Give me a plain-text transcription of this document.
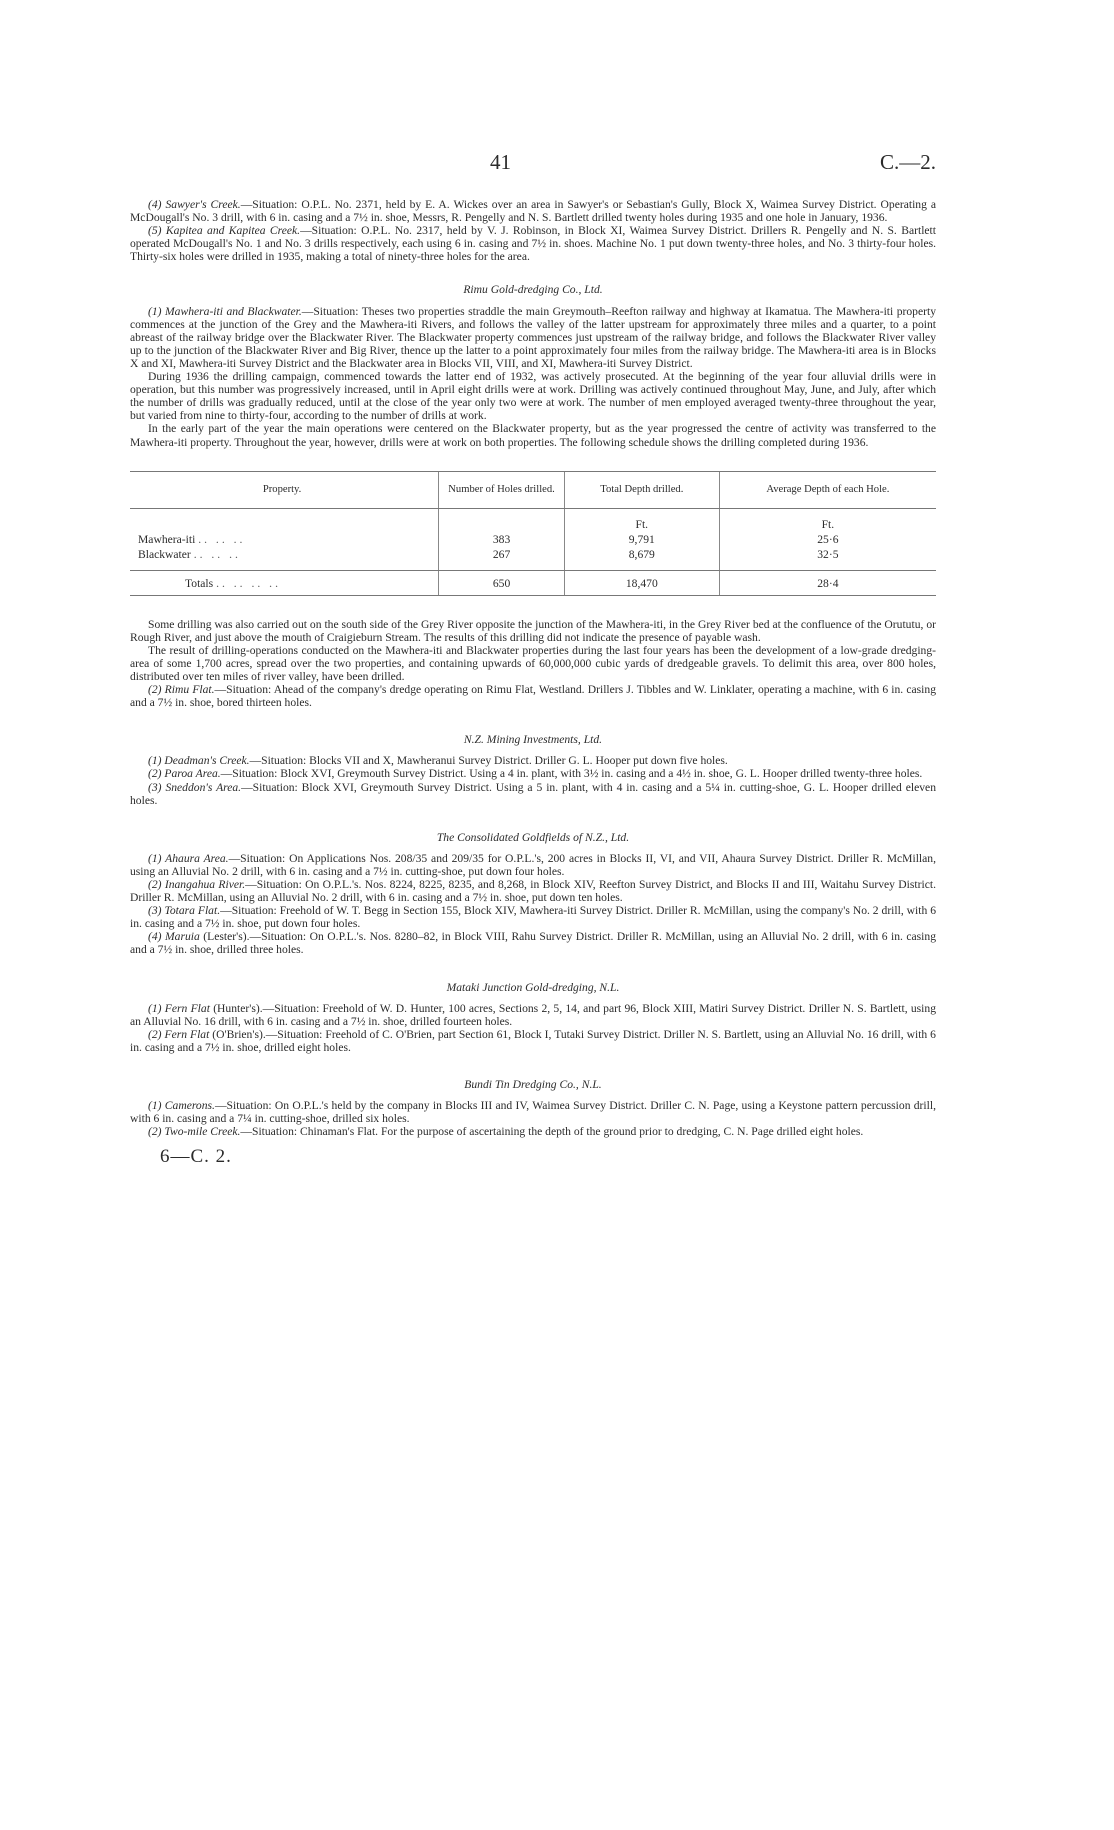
41	C.—2.

(4) Sawyer's Creek.—Situation: O.P.L. No. 2371, held by E. A. Wickes over an area in Sawyer's or Sebastian's Gully, Block X, Waimea Survey District. Operating a McDougall's No. 3 drill, with 6 in. casing and a 7½ in. shoe, Messrs, R. Pengelly and N. S. Bartlett drilled twenty holes during 1935 and one hole in January, 1936.

(5) Kapitea and Kapitea Creek.—Situation: O.P.L. No. 2317, held by V. J. Robinson, in Block XI, Waimea Survey District. Drillers R. Pengelly and N. S. Bartlett operated McDougall's No. 1 and No. 3 drills respectively, each using 6 in. casing and 7½ in. shoes. Machine No. 1 put down twenty-three holes, and No. 3 thirty-four holes. Thirty-six holes were drilled in 1935, making a total of ninety-three holes for the area.

Rimu Gold-dredging Co., Ltd.

(1) Mawhera-iti and Blackwater.—Situation: Theses two properties straddle the main Greymouth–Reefton railway and highway at Ikamatua. The Mawhera-iti property commences at the junction of the Grey and the Mawhera-iti Rivers, and follows the valley of the latter upstream for approximately three miles and a quarter, to a point abreast of the railway bridge over the Blackwater River. The Blackwater property commences just upstream of the railway bridge, and follows the Blackwater River valley up to the junction of the Blackwater River and Big River, thence up the latter to a point approximately four miles from the railway bridge. The Mawhera-iti area is in Blocks X and XI, Mawhera-iti Survey District and the Blackwater area in Blocks VII, VIII, and XI, Mawhera-iti Survey District.

During 1936 the drilling campaign, commenced towards the latter end of 1932, was actively prosecuted. At the beginning of the year four alluvial drills were in operation, but this number was progressively increased, until in April eight drills were at work. Drilling was actively continued throughout May, June, and July, after which the number of drills was gradually reduced, until at the close of the year only two were at work. The number of men employed averaged twenty-three throughout the year, but varied from nine to thirty-four, according to the number of drills at work.

In the early part of the year the main operations were centered on the Blackwater property, but as the year progressed the centre of activity was transferred to the Mawhera-iti property. Throughout the year, however, drills were at work on both properties. The following schedule shows the drilling completed during 1936.

Property.	Number of Holes drilled.	Total Depth drilled.	Average Depth of each Hole.

		Ft.	Ft.
Mawhera-iti .. .. ..	383	9,791	25·6
Blackwater .. .. ..	267	8,679	32·5

Totals .. .. .. ..	650	18,470	28·4

Some drilling was also carried out on the south side of the Grey River opposite the junction of the Mawhera-iti, in the Grey River bed at the confluence of the Orututu, or Rough River, and just above the mouth of Craigieburn Stream. The results of this drilling did not indicate the presence of payable wash.

The result of drilling-operations conducted on the Mawhera-iti and Blackwater properties during the last four years has been the development of a low-grade dredging-area of some 1,700 acres, spread over the two properties, and containing upwards of 60,000,000 cubic yards of dredgeable gravels. To delimit this area, over 800 holes, distributed over ten miles of river valley, have been drilled.

(2) Rimu Flat.—Situation: Ahead of the company's dredge operating on Rimu Flat, Westland. Drillers J. Tibbles and W. Linklater, operating a machine, with 6 in. casing and a 7½ in. shoe, bored thirteen holes.

N.Z. Mining Investments, Ltd.

(1) Deadman's Creek.—Situation: Blocks VII and X, Mawheranui Survey District. Driller G. L. Hooper put down five holes.

(2) Paroa Area.—Situation: Block XVI, Greymouth Survey District. Using a 4 in. plant, with 3½ in. casing and a 4½ in. shoe, G. L. Hooper drilled twenty-three holes.

(3) Sneddon's Area.—Situation: Block XVI, Greymouth Survey District. Using a 5 in. plant, with 4 in. casing and a 5¼ in. cutting-shoe, G. L. Hooper drilled eleven holes.

The Consolidated Goldfields of N.Z., Ltd.

(1) Ahaura Area.—Situation: On Applications Nos. 208/35 and 209/35 for O.P.L.'s, 200 acres in Blocks II, VI, and VII, Ahaura Survey District. Driller R. McMillan, using an Alluvial No. 2 drill, with 6 in. casing and a 7½ in. cutting-shoe, put down four holes.

(2) Inangahua River.—Situation: On O.P.L.'s. Nos. 8224, 8225, 8235, and 8,268, in Block XIV, Reefton Survey District, and Blocks II and III, Waitahu Survey District. Driller R. McMillan, using an Alluvial No. 2 drill, with 6 in. casing and a 7½ in. shoe, put down ten holes.

(3) Totara Flat.—Situation: Freehold of W. T. Begg in Section 155, Block XIV, Mawhera-iti Survey District. Driller R. McMillan, using the company's No. 2 drill, with 6 in. casing and a 7½ in. shoe, put down four holes.

(4) Maruia (Lester's).—Situation: On O.P.L.'s. Nos. 8280–82, in Block VIII, Rahu Survey District. Driller R. McMillan, using an Alluvial No. 2 drill, with 6 in. casing and a 7½ in. shoe, drilled three holes.

Mataki Junction Gold-dredging, N.L.

(1) Fern Flat (Hunter's).—Situation: Freehold of W. D. Hunter, 100 acres, Sections 2, 5, 14, and part 96, Block XIII, Matiri Survey District. Driller N. S. Bartlett, using an Alluvial No. 16 drill, with 6 in. casing and a 7½ in. shoe, drilled fourteen holes.

(2) Fern Flat (O'Brien's).—Situation: Freehold of C. O'Brien, part Section 61, Block I, Tutaki Survey District. Driller N. S. Bartlett, using an Alluvial No. 16 drill, with 6 in. casing and a 7½ in. shoe, drilled eight holes.

Bundi Tin Dredging Co., N.L.

(1) Camerons.—Situation: On O.P.L.'s held by the company in Blocks III and IV, Waimea Survey District. Driller C. N. Page, using a Keystone pattern percussion drill, with 6 in. casing and a 7¼ in. cutting-shoe, drilled six holes.

(2) Two-mile Creek.—Situation: Chinaman's Flat. For the purpose of ascertaining the depth of the ground prior to dredging, C. N. Page drilled eight holes.

6—C. 2.
